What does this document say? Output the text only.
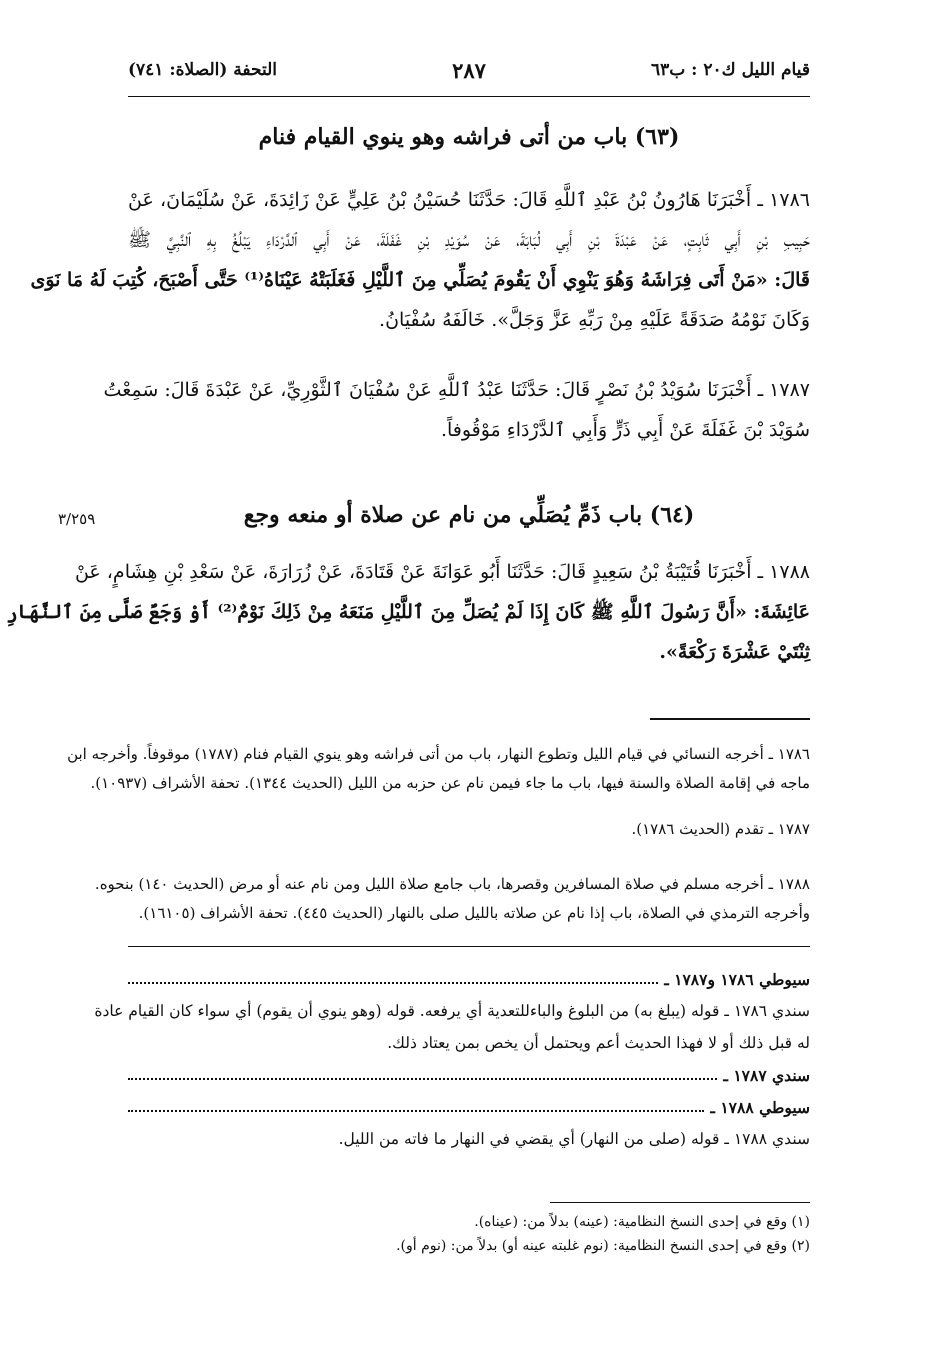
قيام الليل ك٢٠ : ب٦٣
٢٨٧
التحفة (الصلاة: ٧٤١)
(٦٣) باب من أتى فراشه وهو ينوي القيام فنام
١٧٨٦ ـ أَخْبَرَنَا هَارُونُ بْنُ عَبْدِ ٱللَّهِ قَالَ: حَدَّثَنَا حُسَيْنُ بْنُ عَلِيٍّ عَنْ زَائِدَةَ، عَنْ سُلَيْمَانَ، عَنْ
حَبِيبِ بْنِ أَبِي ثَابِتٍ، عَنْ عَبْدَةَ بْنِ أَبِي لُبَابَةَ، عَنْ سُوَيْدِ بْنِ غَفَلَةَ، عَنْ أَبِي ٱلدَّرْدَاءِ يَبْلُغُ بِهِ ٱلنَّبِيَّ ﷺ
قَالَ: «مَنْ أَتَى فِرَاشَهُ وَهُوَ يَنْوِي أَنْ يَقُومَ يُصَلِّي مِنَ ٱللَّيْلِ فَغَلَبَتْهُ عَيْنَاهُ⁽¹⁾ حَتَّى أَصْبَحَ، كُتِبَ لَهُ مَا نَوَى
وَكَانَ نَوْمُهُ صَدَقَةً عَلَيْهِ مِنْ رَبِّهِ عَزَّ وَجَلَّ». خَالَفَهُ سُفْيَانُ.
١٧٨٧ ـ أَخْبَرَنَا سُوَيْدُ بْنُ نَصْرٍ قَالَ: حَدَّثَنَا عَبْدُ ٱللَّهِ عَنْ سُفْيَانَ ٱلثَّوْرِيِّ، عَنْ عَبْدَةَ قَالَ: سَمِعْتُ
سُوَيْدَ بْنَ غَفَلَةَ عَنْ أَبِي ذَرٍّ وَأَبِي ٱلدَّرْدَاءِ مَوْقُوفاً.
(٦٤) باب ذَمِّ يُصَلِّي من نام عن صلاة أو منعه وجع
٣/٢٥٩
١٧٨٨ ـ أَخْبَرَنَا قُتَيْبَةُ بْنُ سَعِيدٍ قَالَ: حَدَّثَنَا أَبُو عَوَانَةَ عَنْ قَتَادَةَ، عَنْ زُرَارَةَ، عَنْ سَعْدِ بْنِ هِشَامٍ، عَنْ
عَائِشَةَ: «أَنَّ رَسُولَ ٱللَّهِ ﷺ كَانَ إِذَا لَمْ يُصَلِّ مِنَ ٱللَّيْلِ مَنَعَهُ مِنْ ذَلِكَ نَوْمٌ⁽²⁾ أَوْ وَجَعٌ صَلَّى مِنَ ٱلنَّهَارِ
ثِنْتَيْ عَشْرَةَ رَكْعَةً».
١٧٨٦ ـ أخرجه النسائي في قيام الليل وتطوع النهار، باب من أتى فراشه وهو ينوي القيام فنام (١٧٨٧) موقوفاً. وأخرجه ابن
ماجه في إقامة الصلاة والسنة فيها، باب ما جاء فيمن نام عن حزبه من الليل (الحديث ١٣٤٤). تحفة الأشراف (١٠٩٣٧).
١٧٨٧ ـ تقدم (الحديث ١٧٨٦).
١٧٨٨ ـ أخرجه مسلم في صلاة المسافرين وقصرها، باب جامع صلاة الليل ومن نام عنه أو مرض (الحديث ١٤٠) بنحوه.
وأخرجه الترمذي في الصلاة، باب إذا نام عن صلاته بالليل صلى بالنهار (الحديث ٤٤٥). تحفة الأشراف (١٦١٠٥).
سيوطي ١٧٨٦ و١٧٨٧ ـ
سندي ١٧٨٦ ـ قوله (يبلغ به) من البلوغ والباءللتعدية أي يرفعه. قوله (وهو ينوي أن يقوم) أي سواء كان القيام عادة
له قبل ذلك أو لا فهذا الحديث أعم ويحتمل أن يخص بمن يعتاد ذلك.
سندي ١٧٨٧ ـ
سيوطي ١٧٨٨ ـ
سندي ١٧٨٨ ـ قوله (صلى من النهار) أي يقضي في النهار ما فاته من الليل.
(١) وقع في إحدى النسخ النظامية: (عينه) بدلاً من: (عيناه).
(٢) وقع في إحدى النسخ النظامية: (نوم غلبته عينه أو) بدلاً من: (نوم أو).
